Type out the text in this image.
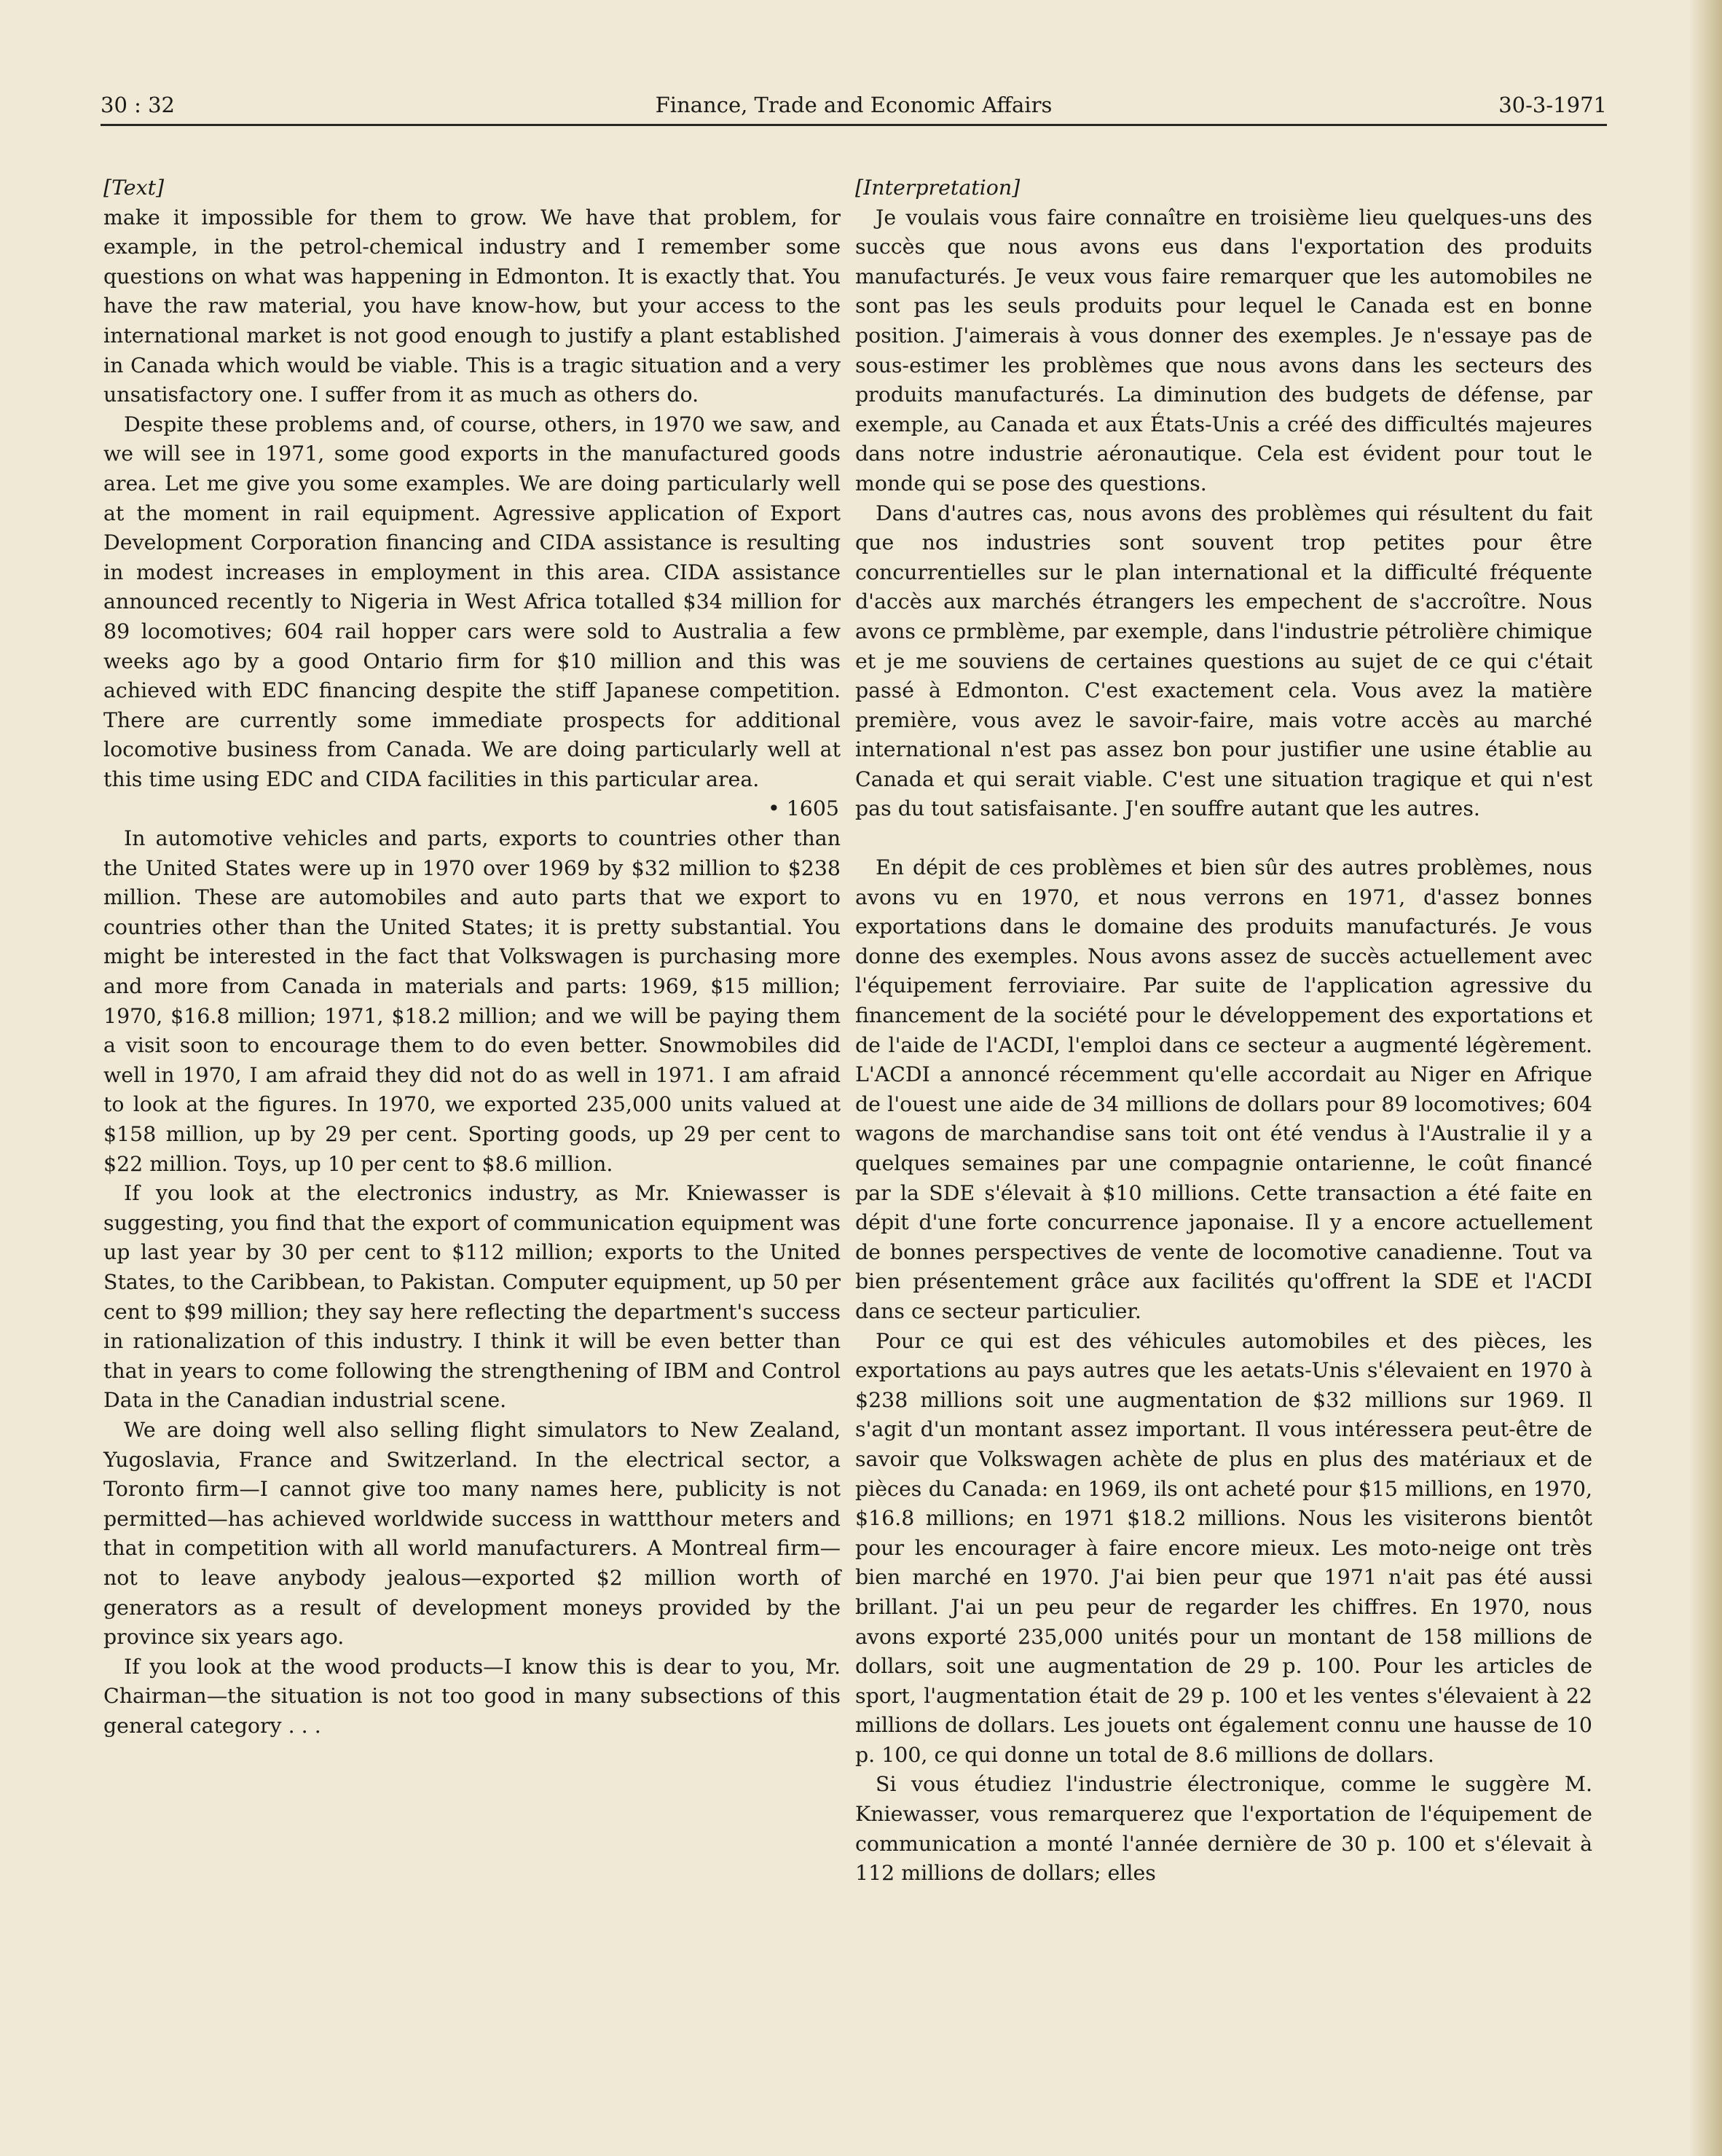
30 : 32	Finance, Trade and Economic Affairs	30-3-1971

[Text]

make it impossible for them to grow. We have that problem, for example, in the petrol-chemical industry and I remember some questions on what was happening in Edmonton. It is exactly that. You have the raw material, you have know-how, but your access to the international market is not good enough to justify a plant established in Canada which would be viable. This is a tragic situation and a very unsatisfactory one. I suffer from it as much as others do.

Despite these problems and, of course, others, in 1970 we saw, and we will see in 1971, some good exports in the manufactured goods area. Let me give you some examples. We are doing particularly well at the moment in rail equipment. Agressive application of Export Development Corporation financing and CIDA assistance is resulting in modest increases in employment in this area. CIDA assistance announced recently to Nigeria in West Africa totalled $34 million for 89 locomotives; 604 rail hopper cars were sold to Australia a few weeks ago by a good Ontario firm for $10 million and this was achieved with EDC financing despite the stiff Japanese competition. There are currently some immediate prospects for additional locomotive business from Canada. We are doing particularly well at this time using EDC and CIDA facilities in this particular area.

• 1605

In automotive vehicles and parts, exports to countries other than the United States were up in 1970 over 1969 by $32 million to $238 million. These are automobiles and auto parts that we export to countries other than the United States; it is pretty substantial. You might be interested in the fact that Volkswagen is purchasing more and more from Canada in materials and parts: 1969, $15 million; 1970, $16.8 million; 1971, $18.2 million; and we will be paying them a visit soon to encourage them to do even better. Snowmobiles did well in 1970, I am afraid they did not do as well in 1971. I am afraid to look at the figures. In 1970, we exported 235,000 units valued at $158 million, up by 29 per cent. Sporting goods, up 29 per cent to $22 million. Toys, up 10 per cent to $8.6 million.

If you look at the electronics industry, as Mr. Kniewasser is suggesting, you find that the export of communication equipment was up last year by 30 per cent to $112 million; exports to the United States, to the Caribbean, to Pakistan. Computer equipment, up 50 per cent to $99 million; they say here reflecting the department's success in rationalization of this industry. I think it will be even better than that in years to come following the strengthening of IBM and Control Data in the Canadian industrial scene.

We are doing well also selling flight simulators to New Zealand, Yugoslavia, France and Switzerland. In the electrical sector, a Toronto firm—I cannot give too many names here, publicity is not permitted—has achieved worldwide success in wattthour meters and that in competition with all world manufacturers. A Montreal firm—not to leave anybody jealous—exported $2 million worth of generators as a result of development moneys provided by the province six years ago.

If you look at the wood products—I know this is dear to you, Mr. Chairman—the situation is not too good in many subsections of this general category . . .

[Interpretation]

Je voulais vous faire connaître en troisième lieu quelques-uns des succès que nous avons eus dans l'exportation des produits manufacturés. Je veux vous faire remarquer que les automobiles ne sont pas les seuls produits pour lequel le Canada est en bonne position. J'aimerais à vous donner des exemples. Je n'essaye pas de sous-estimer les problèmes que nous avons dans les secteurs des produits manufacturés. La diminution des budgets de défense, par exemple, au Canada et aux États-Unis a créé des difficultés majeures dans notre industrie aéronautique. Cela est évident pour tout le monde qui se pose des questions.

Dans d'autres cas, nous avons des problèmes qui résultent du fait que nos industries sont souvent trop petites pour être concurrentielles sur le plan international et la difficulté fréquente d'accès aux marchés étrangers les empechent de s'accroître. Nous avons ce prmblème, par exemple, dans l'industrie pétrolière chimique et je me souviens de certaines questions au sujet de ce qui c'était passé à Edmonton. C'est exactement cela. Vous avez la matière première, vous avez le savoir-faire, mais votre accès au marché international n'est pas assez bon pour justifier une usine établie au Canada et qui serait viable. C'est une situation tragique et qui n'est pas du tout satisfaisante. J'en souffre autant que les autres.

En dépit de ces problèmes et bien sûr des autres problèmes, nous avons vu en 1970, et nous verrons en 1971, d'assez bonnes exportations dans le domaine des produits manufacturés. Je vous donne des exemples. Nous avons assez de succès actuellement avec l'équipement ferroviaire. Par suite de l'application agressive du financement de la société pour le développement des exportations et de l'aide de l'ACDI, l'emploi dans ce secteur a augmenté légèrement. L'ACDI a annoncé récemment qu'elle accordait au Niger en Afrique de l'ouest une aide de 34 millions de dollars pour 89 locomotives; 604 wagons de marchandise sans toit ont été vendus à l'Australie il y a quelques semaines par une compagnie ontarienne, le coût financé par la SDE s'élevait à $10 millions. Cette transaction a été faite en dépit d'une forte concurrence japonaise. Il y a encore actuellement de bonnes perspectives de vente de locomotive canadienne. Tout va bien présentement grâce aux facilités qu'offrent la SDE et l'ACDI dans ce secteur particulier.

Pour ce qui est des véhicules automobiles et des pièces, les exportations au pays autres que les aetats-Unis s'élevaient en 1970 à $238 millions soit une augmentation de $32 millions sur 1969. Il s'agit d'un montant assez important. Il vous intéressera peut-être de savoir que Volkswagen achète de plus en plus des matériaux et de pièces du Canada: en 1969, ils ont acheté pour $15 millions, en 1970, $16.8 millions; en 1971 $18.2 millions. Nous les visiterons bientôt pour les encourager à faire encore mieux. Les moto-neige ont très bien marché en 1970. J'ai bien peur que 1971 n'ait pas été aussi brillant. J'ai un peu peur de regarder les chiffres. En 1970, nous avons exporté 235,000 unités pour un montant de 158 millions de dollars, soit une augmentation de 29 p. 100. Pour les articles de sport, l'augmentation était de 29 p. 100 et les ventes s'élevaient à 22 millions de dollars. Les jouets ont également connu une hausse de 10 p. 100, ce qui donne un total de 8.6 millions de dollars.

Si vous étudiez l'industrie électronique, comme le suggère M. Kniewasser, vous remarquerez que l'exportation de l'équipement de communication a monté l'année dernière de 30 p. 100 et s'élevait à 112 millions de dollars; elles
